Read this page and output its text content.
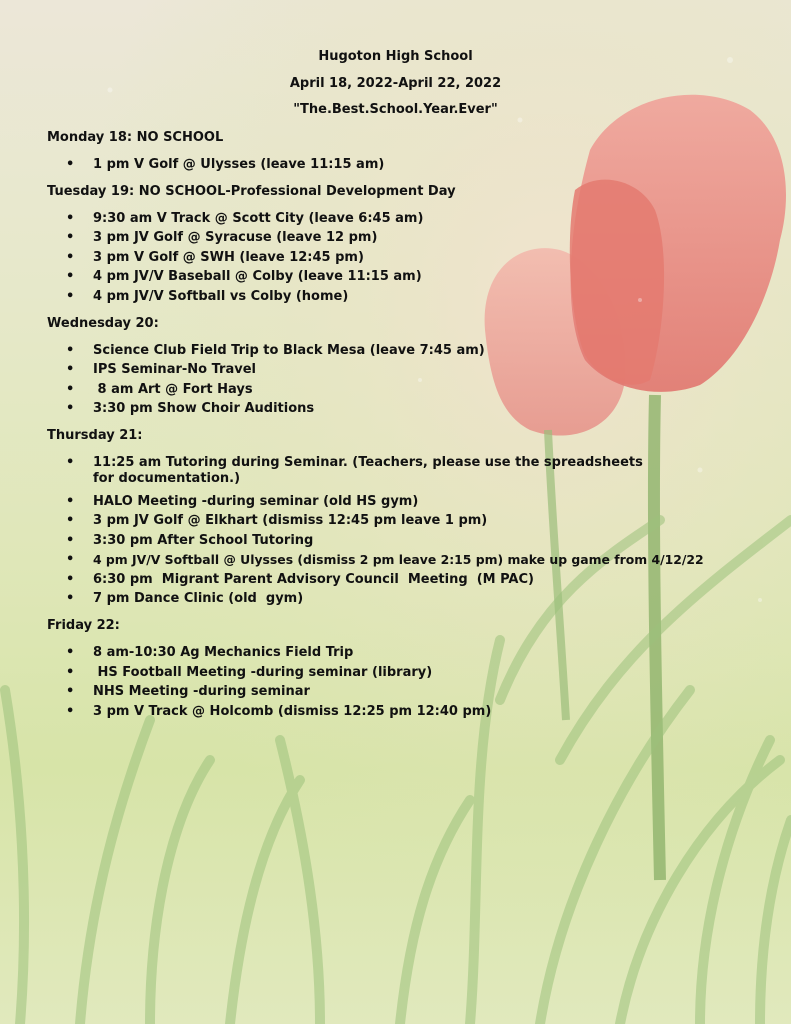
Hugoton High School
April 18, 2022-April 22, 2022
"The.Best.School.Year.Ever"
Monday 18: NO SCHOOL
• 1 pm V Golf @ Ulysses (leave 11:15 am)
Tuesday 19: NO SCHOOL-Professional Development Day
• 9:30 am V Track @ Scott City (leave 6:45 am)
• 3 pm JV Golf @ Syracuse (leave 12 pm)
• 3 pm V Golf @ SWH (leave 12:45 pm)
• 4 pm JV/V Baseball @ Colby (leave 11:15 am)
• 4 pm JV/V Softball vs Colby (home)
Wednesday 20:
• Science Club Field Trip to Black Mesa (leave 7:45 am)
• IPS Seminar-No Travel
• 8 am Art @ Fort Hays
• 3:30 pm Show Choir Auditions
Thursday 21:
• 11:25 am Tutoring during Seminar. (Teachers, please use the spreadsheets for documentation.)
• HALO Meeting -during seminar (old HS gym)
• 3 pm JV Golf @ Elkhart (dismiss 12:45 pm leave 1 pm)
• 3:30 pm After School Tutoring
• 4 pm JV/V Softball @ Ulysses (dismiss 2 pm leave 2:15 pm) make up game from 4/12/22
• 6:30 pm  Migrant Parent Advisory Council  Meeting  (M PAC)
• 7 pm Dance Clinic (old  gym)
Friday 22:
• 8 am-10:30 Ag Mechanics Field Trip
• HS Football Meeting -during seminar (library)
• NHS Meeting -during seminar
• 3 pm V Track @ Holcomb (dismiss 12:25 pm 12:40 pm)
